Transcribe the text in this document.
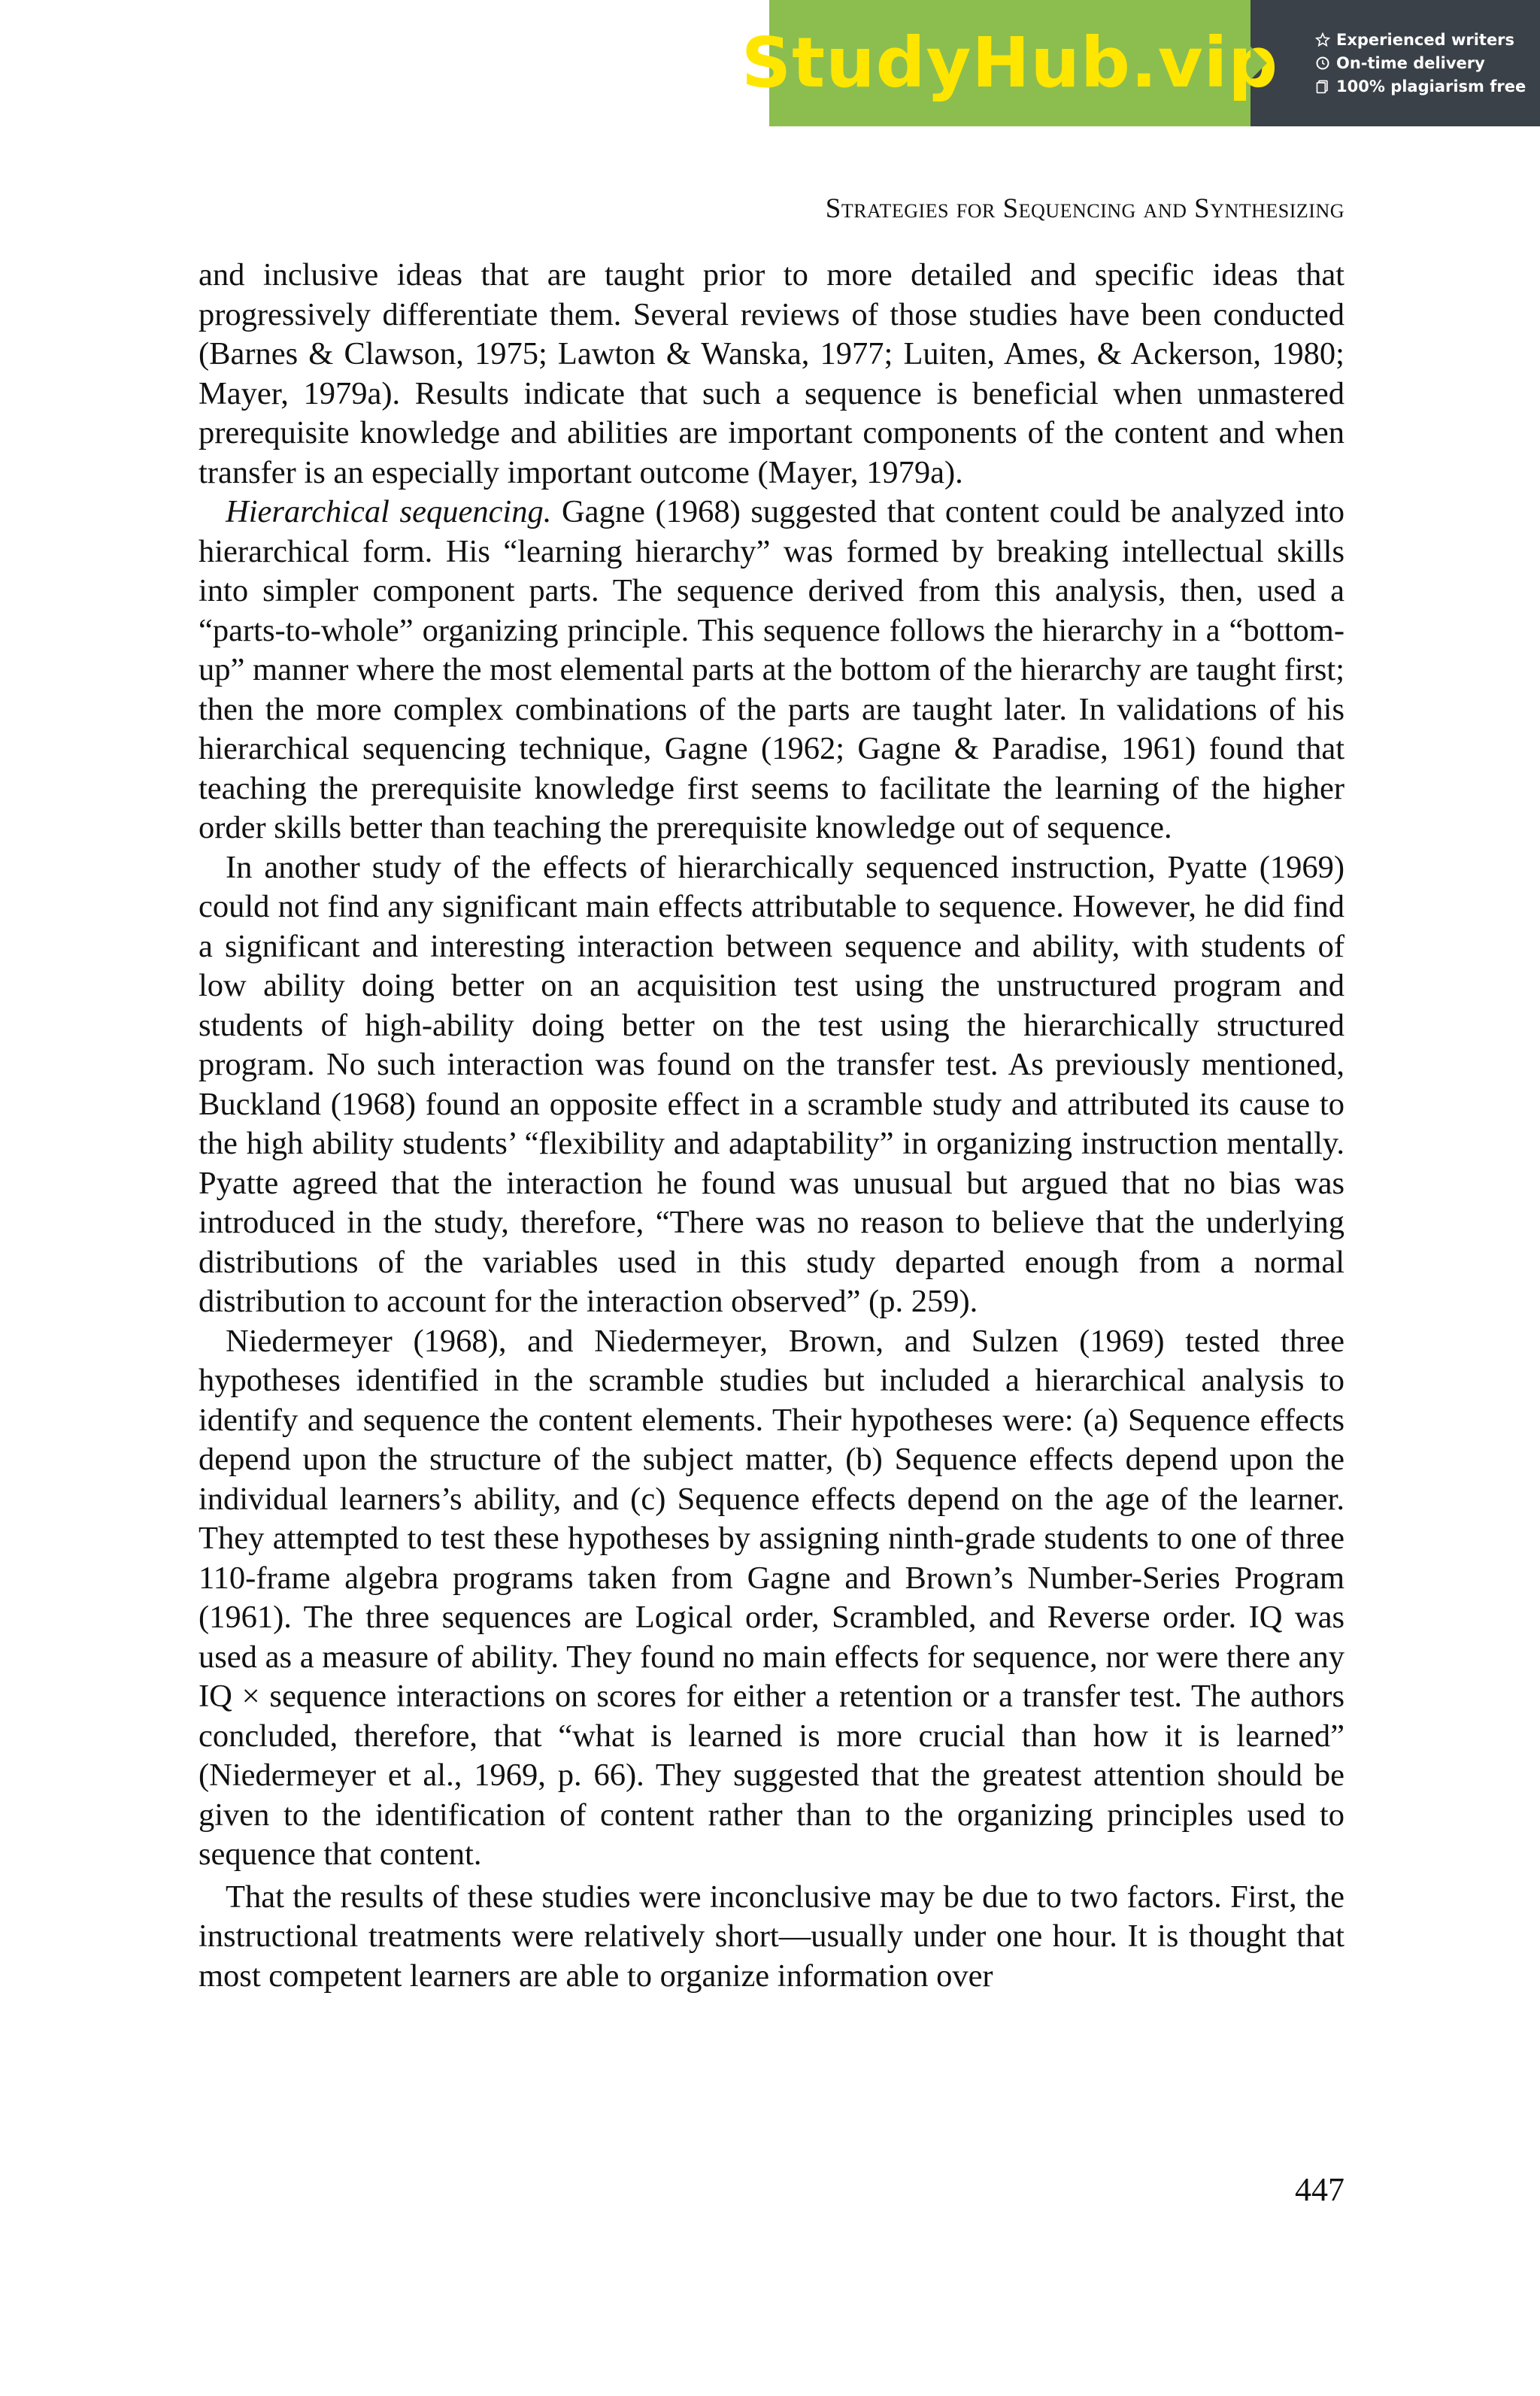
StudyHub.vip	Experienced writers
On-time delivery
100% plagiarism free
Strategies for Sequencing and Synthesizing

and inclusive ideas that are taught prior to more detailed and specific ideas that progressively differentiate them. Several reviews of those studies have been conducted (Barnes & Clawson, 1975; Lawton & Wanska, 1977; Luiten, Ames, & Ackerson, 1980; Mayer, 1979a). Results indicate that such a sequence is beneficial when unmastered prerequisite knowledge and abilities are important components of the content and when transfer is an especially important outcome (Mayer, 1979a).

Hierarchical sequencing. Gagne (1968) suggested that content could be analyzed into hierarchical form. His “learning hierarchy” was formed by breaking intellectual skills into simpler component parts. The sequence derived from this analysis, then, used a “parts-to-whole” organizing principle. This sequence follows the hierarchy in a “bottom-up” manner where the most elemental parts at the bottom of the hierarchy are taught first; then the more complex combinations of the parts are taught later. In validations of his hierarchical sequencing technique, Gagne (1962; Gagne & Paradise, 1961) found that teaching the prerequisite knowledge first seems to facilitate the learning of the higher order skills better than teaching the prerequisite knowledge out of sequence.

In another study of the effects of hierarchically sequenced instruction, Pyatte (1969) could not find any significant main effects attributable to sequence. However, he did find a significant and interesting interaction between sequence and ability, with students of low ability doing better on an acquisition test using the unstructured program and students of high-ability doing better on the test using the hierarchically structured program. No such interaction was found on the transfer test. As previously mentioned, Buckland (1968) found an opposite effect in a scramble study and attributed its cause to the high ability students’ “flexibility and adaptability” in organizing instruction mentally. Pyatte agreed that the interaction he found was unusual but argued that no bias was introduced in the study, therefore, “There was no reason to believe that the underlying distributions of the variables used in this study departed enough from a normal distribution to account for the interaction observed” (p. 259).

Niedermeyer (1968), and Niedermeyer, Brown, and Sulzen (1969) tested three hypotheses identified in the scramble studies but included a hierarchical analysis to identify and sequence the content elements. Their hypotheses were: (a) Sequence effects depend upon the structure of the subject matter, (b) Sequence effects depend upon the individual learners’s ability, and (c) Sequence effects depend on the age of the learner. They attempted to test these hypotheses by assigning ninth-grade students to one of three 110-frame algebra programs taken from Gagne and Brown’s Number-Series Program (1961). The three sequences are Logical order, Scrambled, and Reverse order. IQ was used as a measure of ability. They found no main effects for sequence, nor were there any IQ × sequence interactions on scores for either a retention or a transfer test. The authors concluded, therefore, that “what is learned is more crucial than how it is learned” (Niedermeyer et al., 1969, p. 66). They suggested that the greatest attention should be given to the identification of content rather than to the organizing principles used to sequence that content.

That the results of these studies were inconclusive may be due to two factors. First, the instructional treatments were relatively short—usually under one hour. It is thought that most competent learners are able to organize information over

447
